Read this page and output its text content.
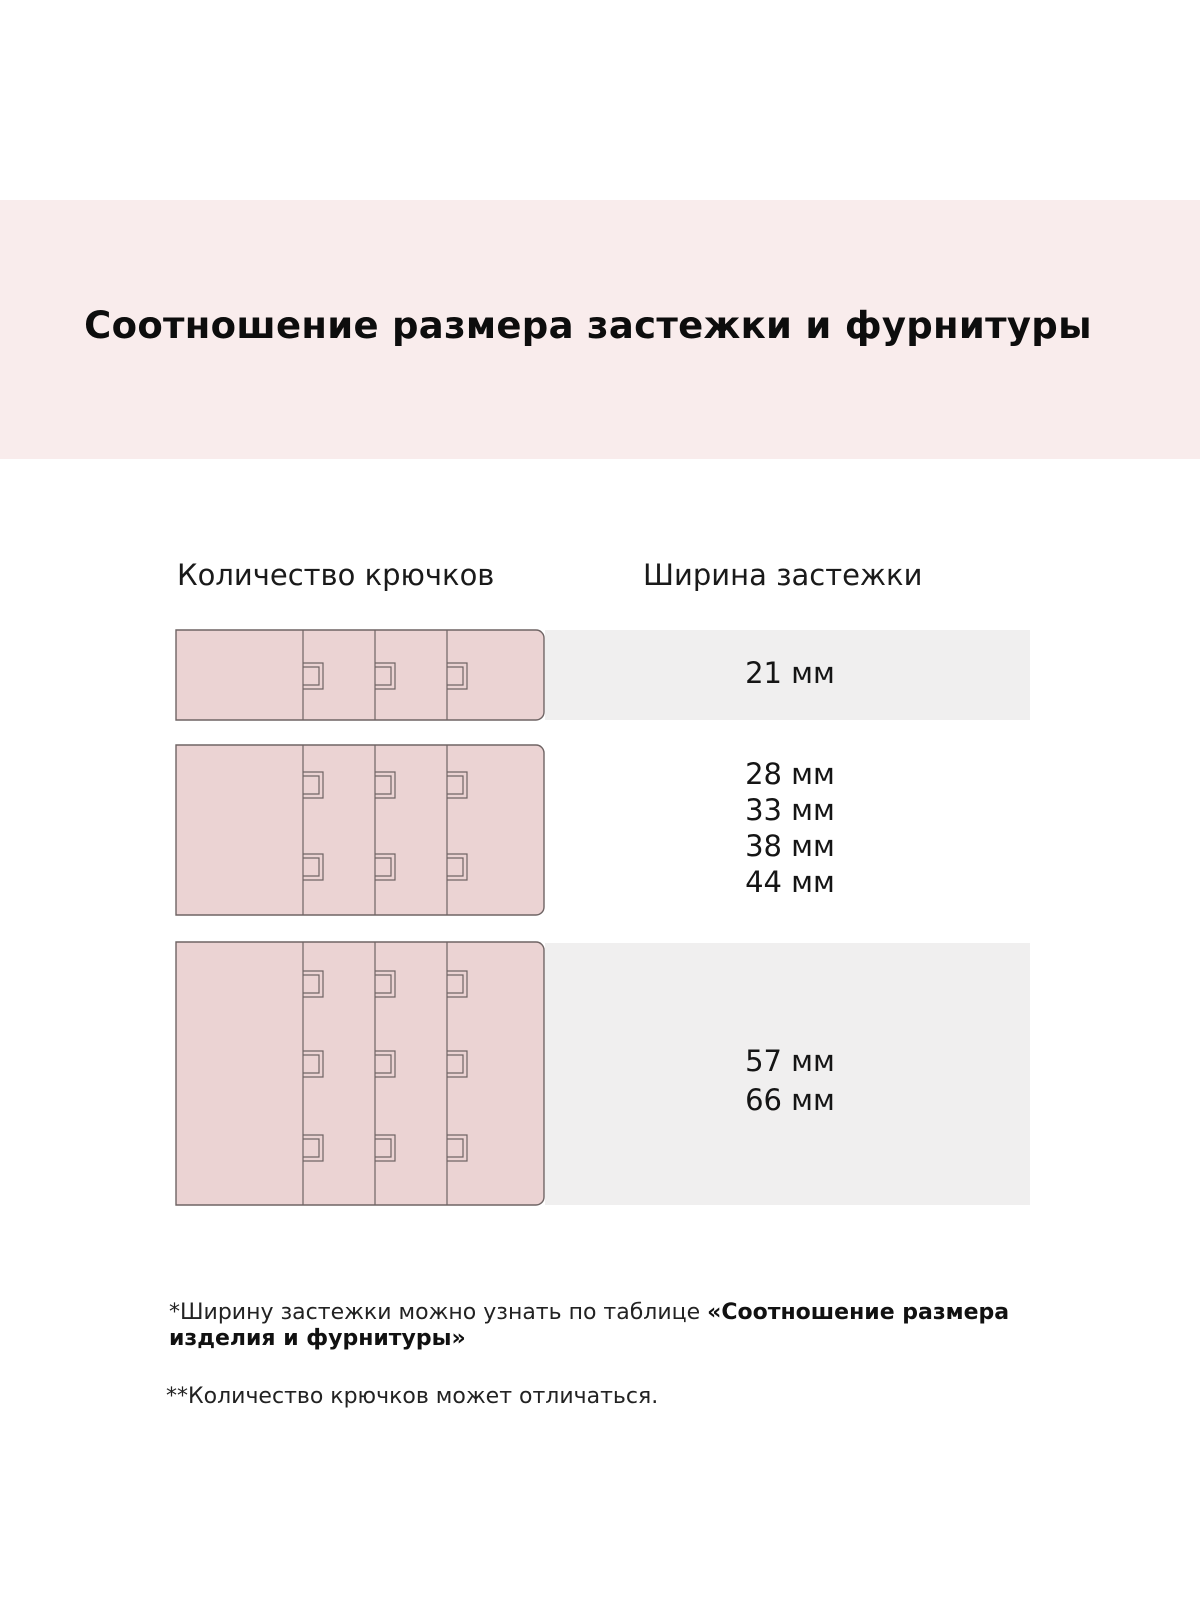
Соотношение размера застежки и фурнитуры
Количество крючков	Ширина застежки
21 мм
28 мм
33 мм
38 мм
44 мм
57 мм
66 мм
*Ширину застежки можно узнать по таблице «Соотношение размера изделия и фурнитуры»
**Количество крючков может отличаться.
